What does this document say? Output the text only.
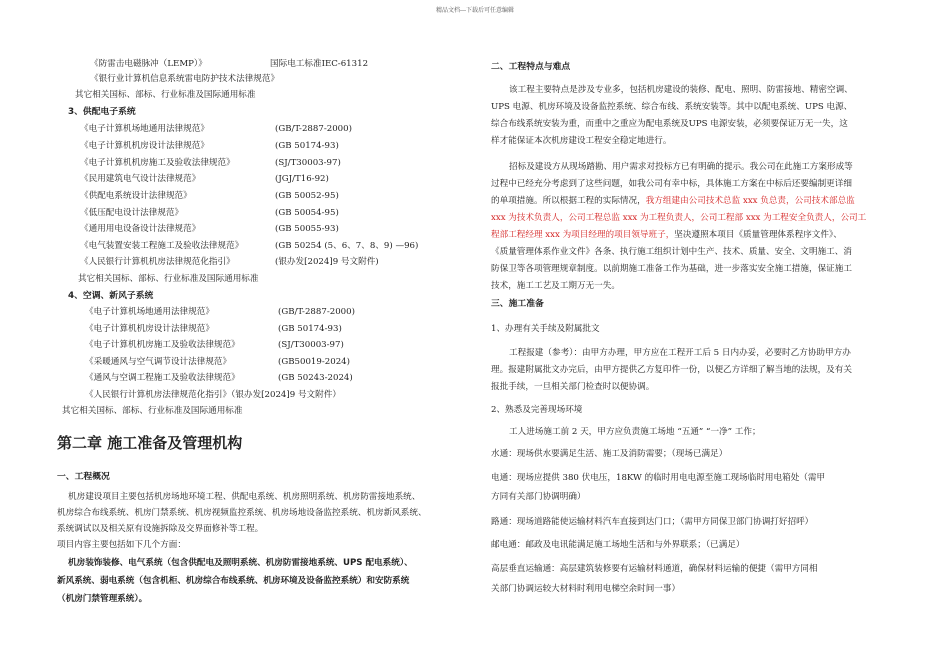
精品文档---下载后可任意编辑
《防雷击电磁脉冲（LEMP）》	国际电工标准IEC-61312
《银行业计算机信息系统雷电防护技术法律规范》
其它相关国标、部标、行业标准及国际通用标准
3、供配电子系统
《电子计算机场地通用法律规范》	(GB/T-2887-2000)
《电子计算机机房设计法律规范》	(GB 50174-93)
《电子计算机机房施工及验收法律规范》	(SJ/T30003-97)
《民用建筑电气设计法律规范》	(JGJ/T16-92)
《供配电系统设计法律规范》	(GB 50052-95)
《低压配电设计法律规范》	(GB 50054-95)
《通用用电设备设计法律规范》	(GB 50055-93)
《电气装置安装工程施工及验收法律规范》	(GB 50254 (5、6、7、8、9) —96)
《人民银行计算机机房法律规范化指引》	(银办发[2024]9 号文附件)
其它相关国标、部标、行业标准及国际通用标准
4、空调、新风子系统
《电子计算机场地通用法律规范》	(GB/T-2887-2000)
《电子计算机机房设计法律规范》	(GB 50174-93)
《电子计算机机房施工及验收法律规范》	(SJ/T30003-97)
《采暖通风与空气调节设计法律规范》	(GB50019-2024)
《通风与空调工程施工及验收法律规范》	(GB 50243-2024)
《人民银行计算机房法律规范化指引》（银办发[2024]9 号文附件）
其它相关国标、部标、行业标准及国际通用标准
第二章 施工准备及管理机构
一、工程概况
机房建设项目主要包括机房场地环境工程、供配电系统、机房照明系统、机房防雷接地系统、
机房综合布线系统、机房门禁系统、机房视频监控系统、机房场地设备监控系统、机房新风系统、
系统调试以及相关原有设施拆除及交界面修补等工程。
项目内容主要包括如下几个方面：
机房装饰装修、电气系统（包含供配电及照明系统、机房防雷接地系统、UPS 配电系统）、
新风系统、弱电系统（包含机柜、机房综合布线系统、机房环境及设备监控系统）和安防系统
（机房门禁管理系统）。
二、工程特点与难点
该工程主要特点是涉及专业多，包括机房建设的装修、配电、照明、防雷接地、精密空调、
UPS 电源、机房环境及设备监控系统、综合布线、系统安装等。其中以配电系统、UPS 电源、
综合布线系统安装为重，而重中之重应为配电系统及UPS 电源安装，必须要保证万无一失，这
样才能保证本次机房建设工程安全稳定地进行。
招标及建设方从现场踏勘、用户需求对投标方已有明确的提示。我公司在此施工方案形成等
过程中已经充分考虑到了这些问题，如我公司有幸中标，具体施工方案在中标后还要编制更详细
的单项措施。所以根据工程的实际情况，我方组建由公司技术总监 xxx 负总责，公司技术部总监
xxx 为技术负责人，公司工程总监 xxx 为工程负责人，公司工程部 xxx 为工程安全负责人，公司工
程部工程经理 xxx 为项目经理的项目领导班子，坚决遵照本项目《质量管理体系程序文件》、
《质量管理体系作业文件》各条、执行施工组织计划中生产、技术、质量、安全、文明施工、消
防保卫等各项管理规章制度。以前期施工准备工作为基础，进一步落实安全施工措施，保证施工
技术，施工工艺及工期万无一失。
三、施工准备
1、办理有关手续及附属批文
工程报建（参考）：由甲方办理，甲方应在工程开工后 5 日内办妥，必要时乙方协助甲方办
理。报建附属批文办完后，由甲方提供乙方复印件一份，以便乙方详细了解当地的法规，及有关
报批手续，一旦相关部门检查时以便协调。
2、熟悉及完善现场环境
工人进场施工前 2 天，甲方应负责施工场地 “五通” “一净” 工作；
水通：现场供水要满足生活、施工及消防需要；（现场已满足）
电通：现场应提供 380 伏电压，18KW 的临时用电电源至施工现场临时用电箱处（需甲
方同有关部门协调明确）
路通：现场道路能使运输材料汽车直接到达门口；（需甲方同保卫部门协调打好招呼）
邮电通：邮政及电讯能满足施工场地生活和与外界联系；（已满足）
高层垂直运输通：高层建筑装修要有运输材料通道，确保材料运输的便捷（需甲方同相
关部门协调运较大材料时利用电梯空余时间一事）
